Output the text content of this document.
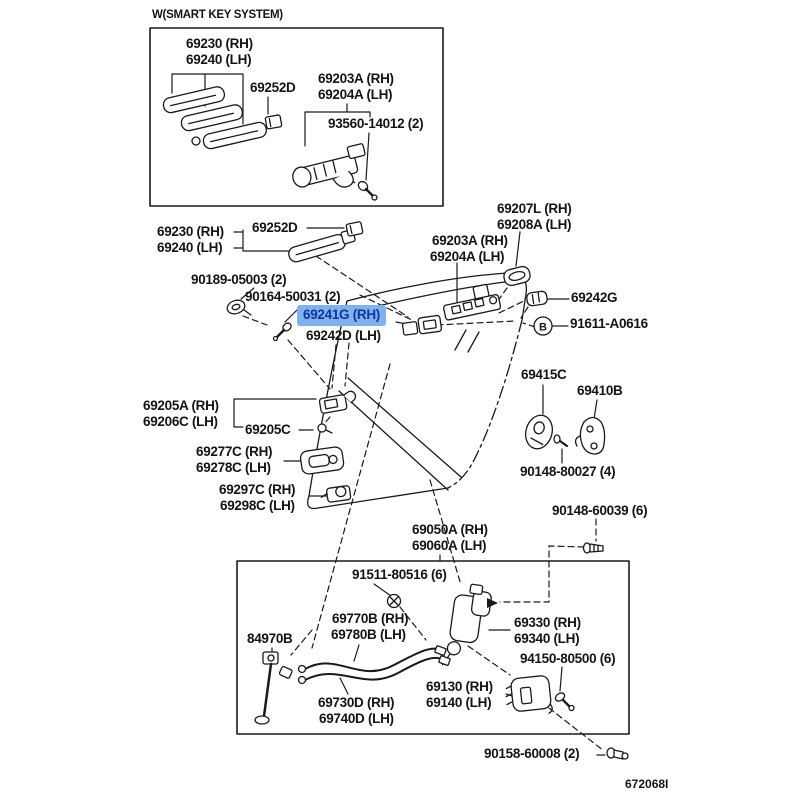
B
W(SMART KEY SYSTEM)
69230 (RH)
69240 (LH)
69252D
69203A (RH)
69204A (LH)
93560-14012 (2)
69230 (RH)
69240 (LH)
69252D
90189-05003 (2)
90164-50031 (2)
69241G (RH)
69242D (LH)
69203A (RH)
69204A (LH)
69207L (RH)
69208A (LH)
69242G
91611-A0616
69415C
69410B
90148-80027 (4)
90148-60039 (6)
69205A (RH)
69206C (LH)
69205C
69277C (RH)
69278C (LH)
69297C (RH)
69298C (LH)
69050A (RH)
69060A (LH)
91511-80516 (6)
69770B (RH)
69780B (LH)
84970B
69730D (RH)
69740D (LH)
69330 (RH)
69340 (LH)
94150-80500 (6)
69130 (RH)
69140 (LH)
90158-60008 (2)
672068I
